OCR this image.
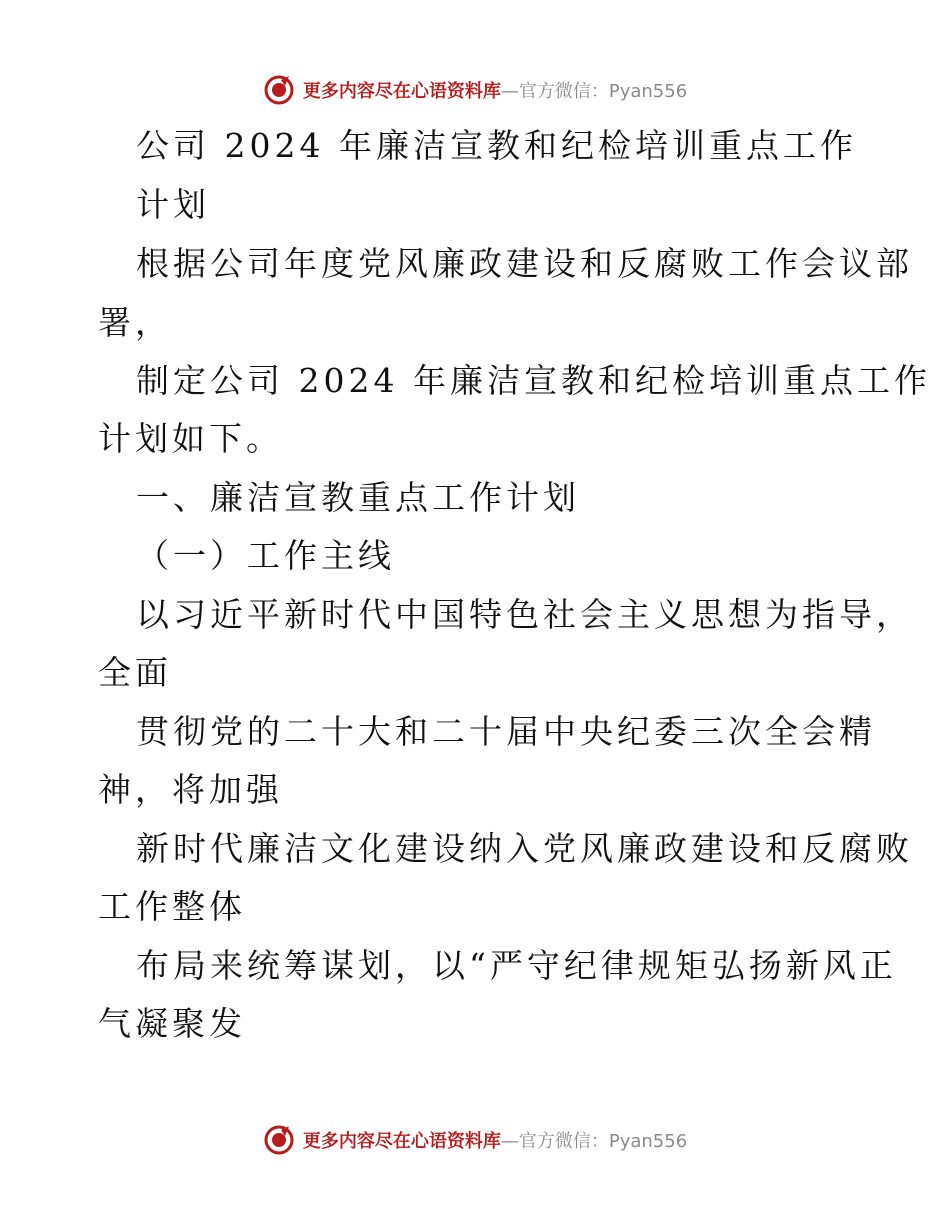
更多内容尽在心语资料库—官方微信：Pyan556
公司 2024 年廉洁宣教和纪检培训重点工作
计划
根据公司年度党风廉政建设和反腐败工作会议部
署，
制定公司 2024 年廉洁宣教和纪检培训重点工作
计划如下。
一、廉洁宣教重点工作计划
（一）工作主线
以习近平新时代中国特色社会主义思想为指导，
全面
贯彻党的二十大和二十届中央纪委三次全会精
神，将加强
新时代廉洁文化建设纳入党风廉政建设和反腐败
工作整体
布局来统筹谋划，以“严守纪律规矩弘扬新风正
气凝聚发
更多内容尽在心语资料库—官方微信：Pyan556
